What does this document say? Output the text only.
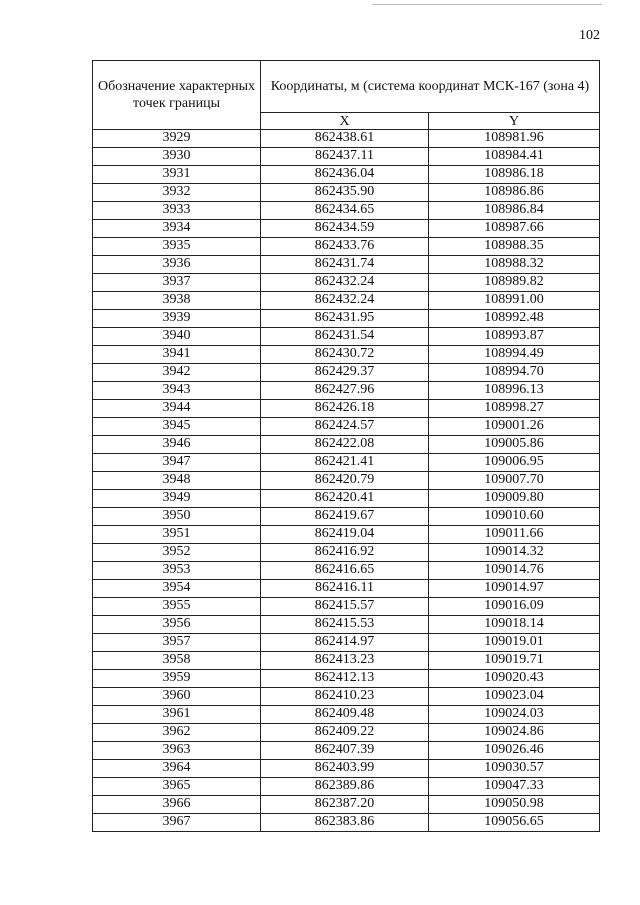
102
Обозначение характерных точек границы	Координаты, м (система координат МСК-167 (зона 4)	
	X	Y
3929	862438.61	108981.96
3930	862437.11	108984.41
3931	862436.04	108986.18
3932	862435.90	108986.86
3933	862434.65	108986.84
3934	862434.59	108987.66
3935	862433.76	108988.35
3936	862431.74	108988.32
3937	862432.24	108989.82
3938	862432.24	108991.00
3939	862431.95	108992.48
3940	862431.54	108993.87
3941	862430.72	108994.49
3942	862429.37	108994.70
3943	862427.96	108996.13
3944	862426.18	108998.27
3945	862424.57	109001.26
3946	862422.08	109005.86
3947	862421.41	109006.95
3948	862420.79	109007.70
3949	862420.41	109009.80
3950	862419.67	109010.60
3951	862419.04	109011.66
3952	862416.92	109014.32
3953	862416.65	109014.76
3954	862416.11	109014.97
3955	862415.57	109016.09
3956	862415.53	109018.14
3957	862414.97	109019.01
3958	862413.23	109019.71
3959	862412.13	109020.43
3960	862410.23	109023.04
3961	862409.48	109024.03
3962	862409.22	109024.86
3963	862407.39	109026.46
3964	862403.99	109030.57
3965	862389.86	109047.33
3966	862387.20	109050.98
3967	862383.86	109056.65
